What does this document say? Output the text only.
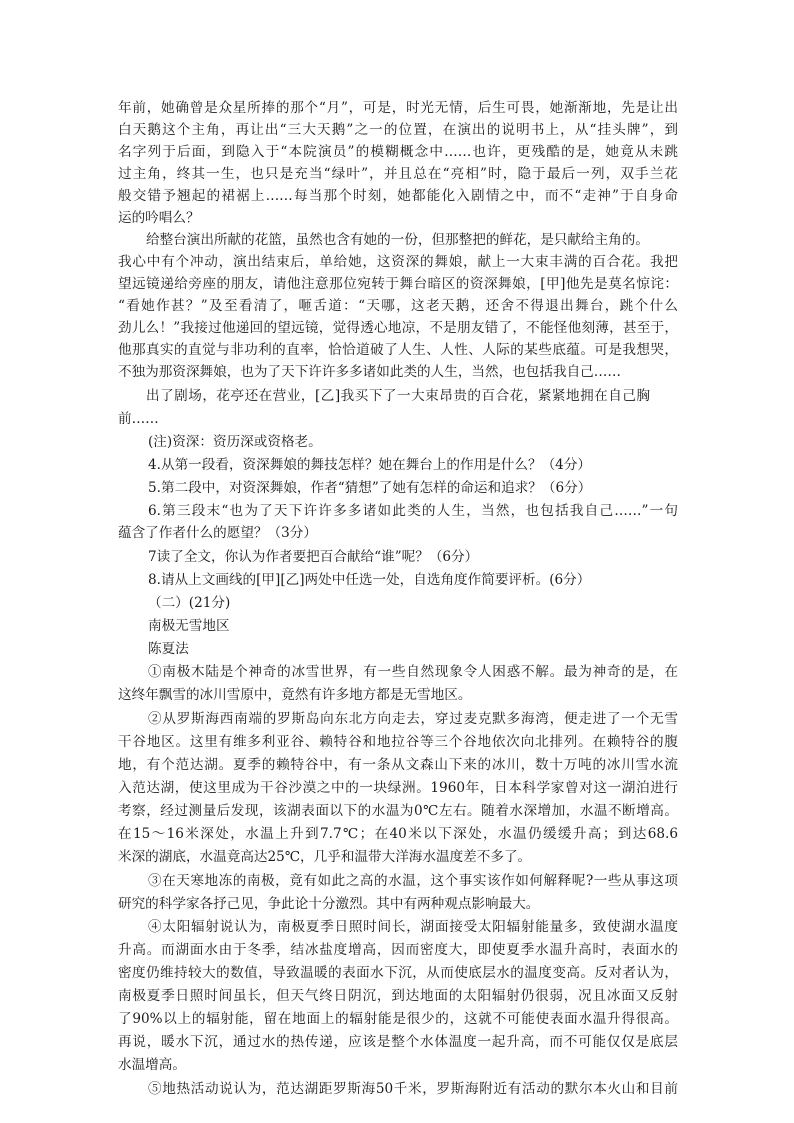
年前，她确曾是众星所捧的那个“月”，可是，时光无情，后生可畏，她渐渐地，先是让出
白天鹅这个主角，再让出“三大天鹅”之一的位置，在演出的说明书上，从“挂头牌”，到
名字列于后面，到隐入于“本院演员”的模糊概念中……也许，更残酷的是，她竟从未跳
过主角，终其一生，也只是充当“绿叶”，并且总在“亮相”时，隐于最后一列，双手兰花
般交错予翘起的裙裾上……每当那个时刻，她都能化入剧情之中，而不“走神”于自身命
运的吟唱么？
给整台演出所献的花篮，虽然也含有她的一份，但那整把的鲜花，是只献给主角的。
我心中有个冲动，演出结束后，单给她，这资深的舞娘，献上一大束丰满的百合花。我把
望远镜递给旁座的朋友，请他注意那位宛转于舞台暗区的资深舞娘，[甲]他先是莫名惊诧：
“看她作甚？”及至看清了，咂舌道：“天哪，这老天鹅，还舍不得退出舞台，跳个什么
劲儿么！”我接过他递回的望远镜，觉得透心地凉，不是朋友错了，不能怪他刻薄，甚至于，
他那真实的直觉与非功利的直率，恰恰道破了人生、人性、人际的某些底蕴。可是我想哭，
不独为那资深舞娘，也为了天下许许多多诸如此类的人生，当然，也包括我自己……
出了剧场，花亭还在营业，[乙]我买下了一大束昂贵的百合花，紧紧地拥在自己胸
前……
(注)资深：资历深或资格老。
4.从第一段看，资深舞娘的舞技怎样？她在舞台上的作用是什么？（4分）
5.第二段中，对资深舞娘，作者“猜想”了她有怎样的命运和追求？（6分）
6.第三段末“也为了天下许许多多诸如此类的人生，当然，也包括我自己……”一句
蕴含了作者什么的愿望？（3分）
7读了全文，你认为作者要把百合献给“谁”呢？（6分）
8.请从上文画线的[甲][乙]两处中任选一处，自选角度作简要评析。(6分）
（二）(21分)
南极无雪地区
陈夏法
①南极木陆是个神奇的冰雪世界，有一些自然现象令人困惑不解。最为神奇的是，在
这终年飘雪的冰川雪原中，竟然有许多地方都是无雪地区。
②从罗斯海西南端的罗斯岛向东北方向走去，穿过麦克默多海湾，便走进了一个无雪
干谷地区。这里有维多利亚谷、赖特谷和地拉谷等三个谷地依次向北排列。在赖特谷的腹
地，有个范达湖。夏季的赖特谷中，有一条从文森山下来的冰川，数十万吨的冰川雪水流
入范达湖，使这里成为干谷沙漠之中的一块绿洲。1960年，日本科学家曾对这一湖泊进行
考察，经过测量后发现，该湖表面以下的水温为0℃左右。随着水深增加，水温不断增高。
在15～16米深处，水温上升到7.7℃；在40米以下深处，水温仍缓缓升高；到达68.6
米深的湖底，水温竟高达25℃，几乎和温带大洋海水温度差不多了。
③在天寒地冻的南极，竟有如此之高的水温，这个事实该作如何解释呢?一些从事这项
研究的科学家各抒己见，争此论十分激烈。其中有两种观点影响最大。
④太阳辐射说认为，南极夏季日照时间长，湖面接受太阳辐射能量多，致使湖水温度
升高。而湖面水由于冬季，结冰盐度增高，因而密度大，即使夏季水温升高时，表面水的
密度仍维持较大的数值，导致温暖的表面水下沉，从而使底层水的温度变高。反对者认为，
南极夏季日照时间虽长，但天气终日阴沉，到达地面的太阳辐射仍很弱，况且冰面又反射
了90%以上的辐射能，留在地面上的辐射能是很少的，这就不可能使表面水温升得很高。
再说，暖水下沉，通过水的热传递，应该是整个水体温度一起升高，而不可能仅仅是底层
水温增高。
⑤地热活动说认为，范达湖距罗斯海50千米，罗斯海附近有活动的默尔本火山和目前
